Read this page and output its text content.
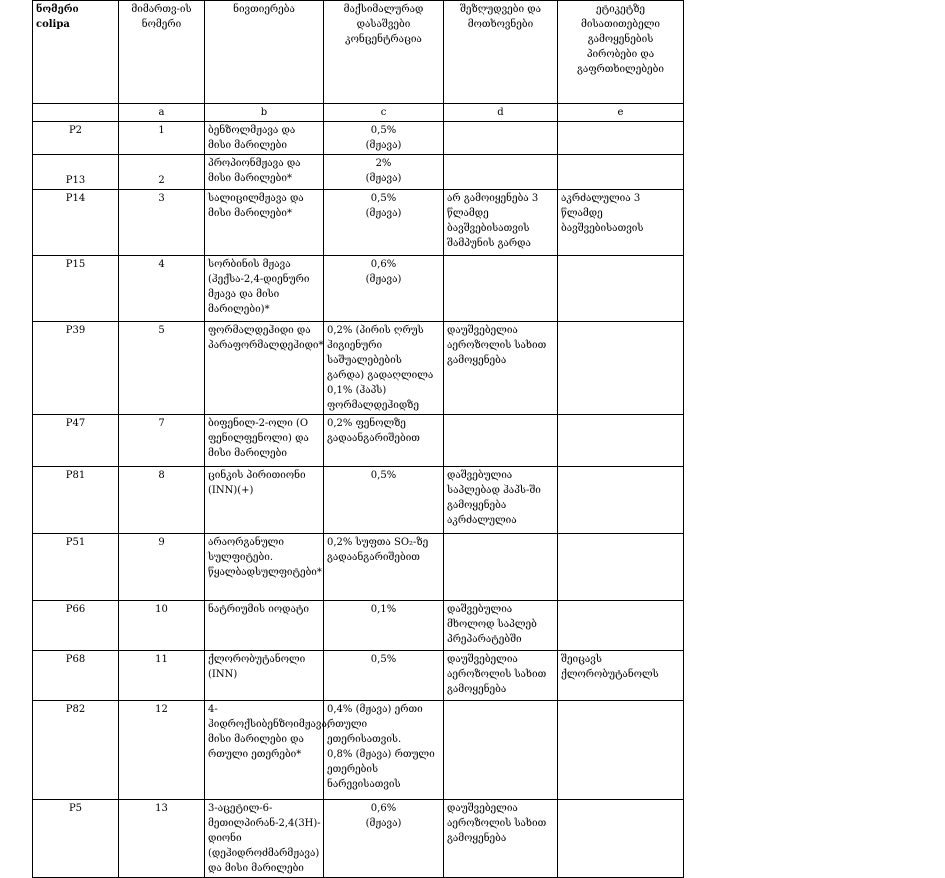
ნომერი colipa	მიმართვ-ის ნომერი	ნივთიერება	მაქსიმალურად დასაშვები კონცენტრაცია	შეზღუდვები და მოთხოვნები	ეტიკეტზე მისათითებელი გამოყენების პირობები და გაფრთხილებები
	a	b	c	d	e
P2	1	ბენზოლმჟავა და მისი მარილები	0,5%
(მჟავა)		
P13	2	პროპიონმჟავა და მისი მარილები*	2%
(მჟავა)		
P14	3	სალიცილმჟავა და მისი მარილები*	0,5%
(მჟავა)	არ გამოიყენება 3 წლამდე ბავშვებისათვის შამპუნის გარდა	აკრძალულია 3 წლამდე ბავშვებისათვის
P15	4	სორბინის მჟავა (ჰექსა-2,4-დიენური მჟავა და მისი მარილები)*	0,6%
(მჟავა)		
P39	5	ფორმალდეჰიდი და პარაფორმალდეჰიდი*	0,2% (პირის ღრუს ჰიგიენური საშუალებების გარდა) გადაღლილა 0,1% (ჰაპს) ფორმალდეჰიდზე	დაუშვებელია აეროზოლის სახით გამოყენება	
P47	7	ბიფენილ-2-ოლი (O ფენილფენოლი) და მისი მარილები	0,2% ფენოლზე გადაანგარიშებით		
P81	8	ცინკის პირითიონი (INN)(+)	0,5%	დაშვებულია საპლებად ჰაპს-ში გამოყენება აკრძალულია	
P51	9	არაორგანული სულფიტები. წყალბადსულფიტები*	0,2% სუფთა SO₂-ზე გადაანგარიშებით		
P66	10	ნატრიუმის იოდატი	0,1%	დაშვებულია მხოლოდ საპლებ პრეპარატებში	
P68	11	ქლორობუტანოლი (INN)	0,5%	დაუშვებელია აეროზოლის სახით გამოყენება	შეიცავს ქლორობუტანოლს
P82	12	4-ჰიდროქსიბენზოიმჟავა, მისი მარილები და რთული ეთერები*	0,4% (მჟავა) ერთი რთული ეთერისათვის.
0,8% (მჟავა) რთული ეთერების ნარევისათვის		
P5	13	3-აცეტილ-6-მეთილპირან-2,4(3H)-დიონი (დეჰიდროძმარმჟავა) და მისი მარილები	0,6%
(მჟავა)	დაუშვებელია აეროზოლის სახით გამოყენება	
